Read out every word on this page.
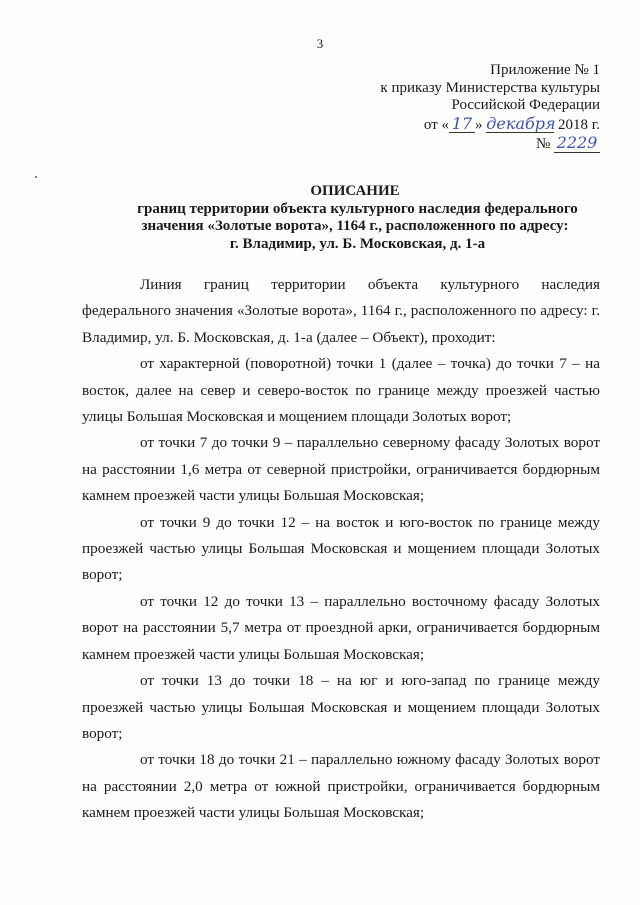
3
Приложение № 1
к приказу Министерства культуры
Российской Федерации
от « 17 » декабря 2018 г.
№ 2229
ОПИСАНИЕ
границ территории объекта культурного наследия федерального
значения «Золотые ворота», 1164 г., расположенного по адресу:
г. Владимир, ул. Б. Московская, д. 1-а

Линия границ территории объекта культурного наследия федерального значения «Золотые ворота», 1164 г., расположенного по адресу: г. Владимир, ул. Б. Московская, д. 1-а (далее – Объект), проходит:

от характерной (поворотной) точки 1 (далее – точка) до точки 7 – на восток, далее на север и северо-восток по границе между проезжей частью улицы Большая Московская и мощением площади Золотых ворот;

от точки 7 до точки 9 – параллельно северному фасаду Золотых ворот на расстоянии 1,6 метра от северной пристройки, ограничивается бордюрным камнем проезжей части улицы Большая Московская;

от точки 9 до точки 12 – на восток и юго-восток по границе между проезжей частью улицы Большая Московская и мощением площади Золотых ворот;

от точки 12 до точки 13 – параллельно восточному фасаду Золотых ворот на расстоянии 5,7 метра от проездной арки, ограничивается бордюрным камнем проезжей части улицы Большая Московская;

от точки 13 до точки 18 – на юг и юго-запад по границе между проезжей частью улицы Большая Московская и мощением площади Золотых ворот;

от точки 18 до точки 21 – параллельно южному фасаду Золотых ворот на расстоянии 2,0 метра от южной пристройки, ограничивается бордюрным камнем проезжей части улицы Большая Московская;
